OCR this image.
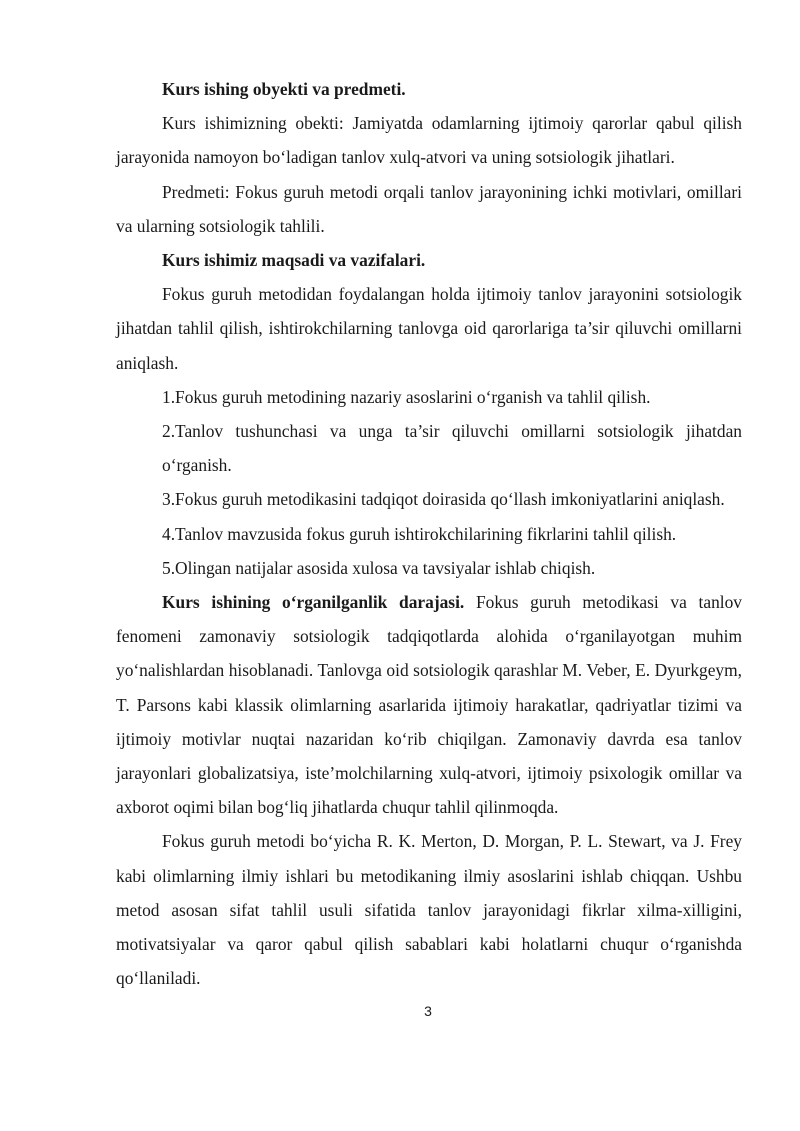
Kurs ishing obyekti va predmeti.

Kurs ishimizning obekti: Jamiyatda odamlarning ijtimoiy qarorlar qabul qilish jarayonida namoyon bo‘ladigan tanlov xulq-atvori va uning sotsiologik jihatlari.

Predmeti: Fokus guruh metodi orqali tanlov jarayonining ichki motivlari, omillari va ularning sotsiologik tahlili.

Kurs ishimiz maqsadi va vazifalari.

Fokus guruh metodidan foydalangan holda ijtimoiy tanlov jarayonini sotsiologik jihatdan tahlil qilish, ishtirokchilarning tanlovga oid qarorlariga ta’sir qiluvchi omillarni aniqlash.

1.Fokus guruh metodining nazariy asoslarini o‘rganish va tahlil qilish.

2.Tanlov tushunchasi va unga ta’sir qiluvchi omillarni sotsiologik jihatdan o‘rganish.

3.Fokus guruh metodikasini tadqiqot doirasida qo‘llash imkoniyatlarini aniqlash.

4.Tanlov mavzusida fokus guruh ishtirokchilarining fikrlarini tahlil qilish.

5.Olingan natijalar asosida xulosa va tavsiyalar ishlab chiqish.

Kurs ishining o‘rganilganlik darajasi. Fokus guruh metodikasi va tanlov fenomeni zamonaviy sotsiologik tadqiqotlarda alohida o‘rganilayotgan muhim yo‘nalishlardan hisoblanadi. Tanlovga oid sotsiologik qarashlar M. Veber, E. Dyurkgeym, T. Parsons kabi klassik olimlarning asarlarida ijtimoiy harakatlar, qadriyatlar tizimi va ijtimoiy motivlar nuqtai nazaridan ko‘rib chiqilgan. Zamonaviy davrda esa tanlov jarayonlari globalizatsiya, iste’molchilarning xulq-atvori, ijtimoiy psixologik omillar va axborot oqimi bilan bog‘liq jihatlarda chuqur tahlil qilinmoqda.

Fokus guruh metodi bo‘yicha R. K. Merton, D. Morgan, P. L. Stewart, va J. Frey kabi olimlarning ilmiy ishlari bu metodikaning ilmiy asoslarini ishlab chiqqan. Ushbu metod asosan sifat tahlil usuli sifatida tanlov jarayonidagi fikrlar xilma-xilligini, motivatsiyalar va qaror qabul qilish sabablari kabi holatlarni chuqur o‘rganishda qo‘llaniladi.

3
